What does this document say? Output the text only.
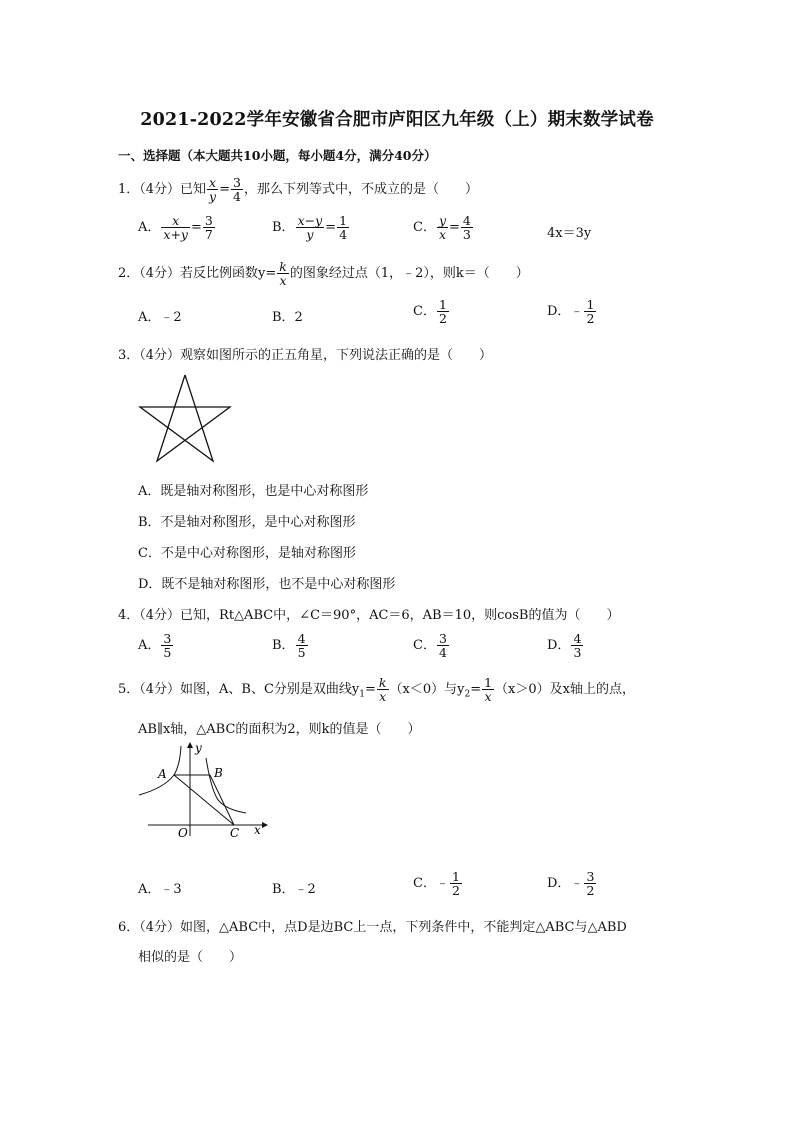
2021-2022学年安徽省合肥市庐阳区九年级（上）期末数学试卷
一、选择题（本大题共10小题，每小题4分，满分40分）
1．（4分）已知 $\frac{x}{y} = \frac{3}{4}$ ，那么下列等式中，不成立的是（　　）
A． $\frac{x}{x+y} = \frac{3}{7}$	B． $\frac{x-y}{y} = \frac{1}{4}$	C． $\frac{y}{x} = \frac{4}{3}$	4x＝3y
2．（4分）若反比例函数$y= \frac{k}{x}$ 的图象经过点（1，﹣2），则k＝（　　）
A．﹣2	B．2	C． $\frac{1}{2}$	D．﹣ $\frac{1}{2}$
3．（4分）观察如图所示的正五角星，下列说法正确的是（　　）
A．既是轴对称图形，也是中心对称图形
B．不是轴对称图形，是中心对称图形
C．不是中心对称图形，是轴对称图形
D．既不是轴对称图形，也不是中心对称图形
4．（4分）已知，Rt△ABC中，∠C＝90°，AC＝6，AB＝10，则cosB的值为（　　）
A． $\frac{3}{5}$	B． $\frac{4}{5}$	C． $\frac{3}{4}$	D． $\frac{4}{3}$
5．（4分）如图，A、B、C分别是双曲线$y_1= \frac{k}{x} (x<0)$与$y_2= \frac{1}{x} (x>0)$及x轴上的点，
AB∥x轴，△ABC的面积为2，则k的值是（　　）
A	B
C
O	x
y
A．﹣3	B．﹣2	C．﹣ $\frac{1}{2}$	D．﹣ $\frac{3}{2}$
6．（4分）如图，△ABC中，点D是边BC上一点，下列条件中，不能判定△ABC与△ABD
相似的是（　　）
